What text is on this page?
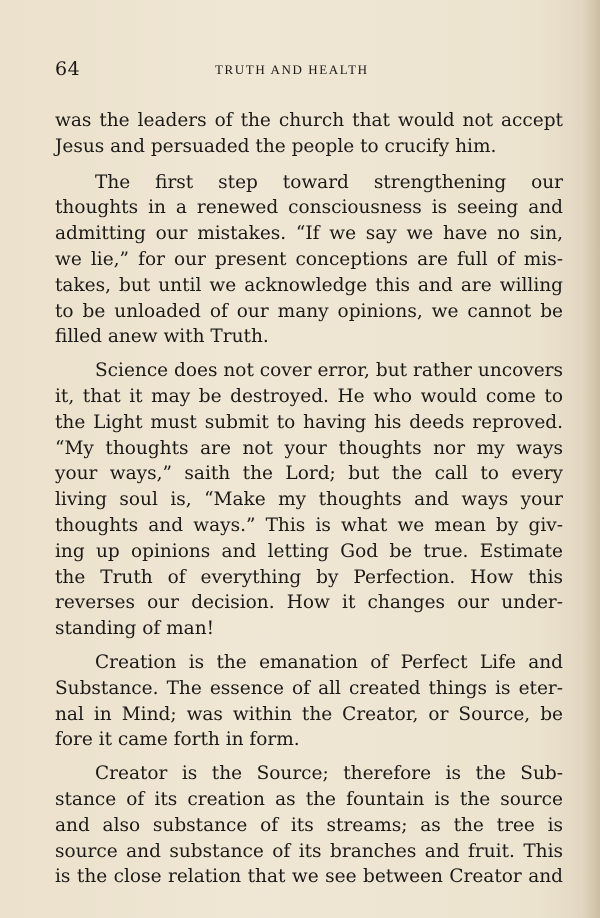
64	TRUTH AND HEALTH

was the leaders of the church that would not accept
Jesus and persuaded the people to crucify him.

The first step toward strengthening our
thoughts in a renewed consciousness is seeing and
admitting our mistakes. “If we say we have no sin,
we lie,” for our present conceptions are full of mis-
takes, but until we acknowledge this and are willing
to be unloaded of our many opinions, we cannot be
filled anew with Truth.

Science does not cover error, but rather uncovers
it, that it may be destroyed. He who would come to
the Light must submit to having his deeds reproved.
“My thoughts are not your thoughts nor my ways
your ways,” saith the Lord; but the call to every
living soul is, “Make my thoughts and ways your
thoughts and ways.” This is what we mean by giv-
ing up opinions and letting God be true. Estimate
the Truth of everything by Perfection. How this
reverses our decision. How it changes our under-
standing of man!

Creation is the emanation of Perfect Life and
Substance. The essence of all created things is eter-
nal in Mind; was within the Creator, or Source, be
fore it came forth in form.

Creator is the Source; therefore is the Sub-
stance of its creation as the fountain is the source
and also substance of its streams; as the tree is
source and substance of its branches and fruit. This
is the close relation that we see between Creator and
